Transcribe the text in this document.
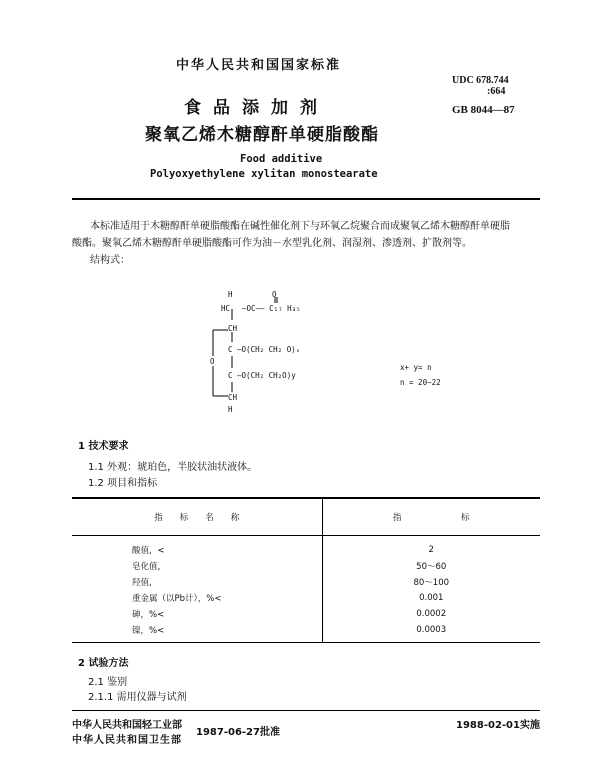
中华人民共和国国家标准
UDC 678.744
:664
GB 8044—87
食品添加剂
聚氧乙烯木糖醇酐单硬脂酸酯
Food additive
Polyoxyethylene xylitan monostearate
本标准适用于木糖醇酐单硬脂酸酯在碱性催化剂下与环氧乙烷聚合而成聚氧乙烯木糖醇酐单硬脂
酸酯。聚氧乙烯木糖醇酐单硬脂酸酯可作为油－水型乳化剂、润湿剂、渗透剂、扩散剂等。
结构式：
H	O
HC —OC—— C₁₇ H₃₅
CH
C —O(CH₂ CH₂ O)ₓ
O
C —O(CH₂ CH₂O)y
CH
H
x+ y= n
n = 20~22
1 技术要求
1.1 外观：琥珀色，半胶状油状液体。
1.2 项目和指标
指　　标　　名　　称	指　　　　　　　标
酸值，<	2
皂化值，	50～60
羟值，	80～100
重金属（以Pb计），%<	0.001
砷，%<	0.0002
镍，%<	0.0003
2 试验方法
2.1 鉴别
2.1.1 需用仪器与试剂
中华人民共和国轻工业部
中华人民共和国卫生部
1987-06-27批准
1988-02-01实施
